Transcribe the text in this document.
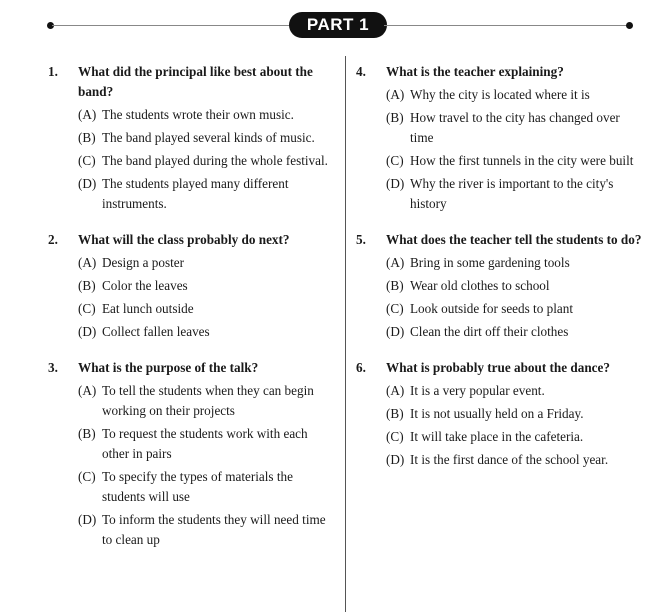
PART 1
1.	What did the principal like best about the band?
(A) The students wrote their own music.
(B) The band played several kinds of music.
(C) The band played during the whole festival.
(D) The students played many different instruments.
2.	What will the class probably do next?
(A) Design a poster
(B) Color the leaves
(C) Eat lunch outside
(D) Collect fallen leaves
3.	What is the purpose of the talk?
(A) To tell the students when they can begin working on their projects
(B) To request the students work with each other in pairs
(C) To specify the types of materials the students will use
(D) To inform the students they will need time to clean up
4.	What is the teacher explaining?
(A) Why the city is located where it is
(B) How travel to the city has changed over time
(C) How the first tunnels in the city were built
(D) Why the river is important to the city's history
5.	What does the teacher tell the students to do?
(A) Bring in some gardening tools
(B) Wear old clothes to school
(C) Look outside for seeds to plant
(D) Clean the dirt off their clothes
6.	What is probably true about the dance?
(A) It is a very popular event.
(B) It is not usually held on a Friday.
(C) It will take place in the cafeteria.
(D) It is the first dance of the school year.
